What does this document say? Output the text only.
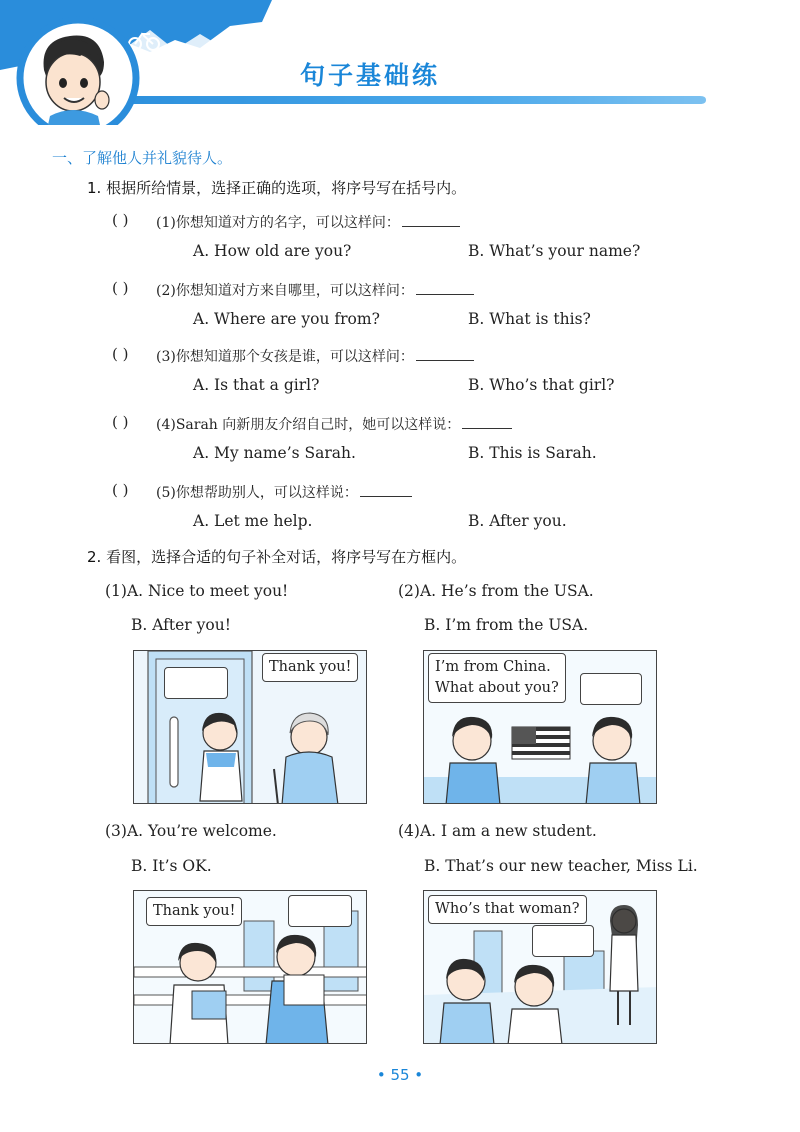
句子基础练
一、了解他人并礼貌待人。
1. 根据所给情景，选择正确的选项，将序号写在括号内。
( ) (1)你想知道对方的名字，可以这样问：
A. How old are you?	B. What’s your name?
( ) (2)你想知道对方来自哪里，可以这样问：
A. Where are you from?	B. What is this?
( ) (3)你想知道那个女孩是谁，可以这样问：
A. Is that a girl?	B. Who’s that girl?
( ) (4)Sarah 向新朋友介绍自己时，她可以这样说：
A. My name’s Sarah.	B. This is Sarah.
( ) (5)你想帮助别人，可以这样说：
A. Let me help.	B. After you.
2. 看图，选择合适的句子补全对话，将序号写在方框内。
(1)A. Nice to meet you!
B. After you!
(2)A. He’s from the USA.
B. I’m from the USA.
Thank you!	I’m from China.
What about you?
(3)A. You’re welcome.
B. It’s OK.
(4)A. I am a new student.
B. That’s our new teacher, Miss Li.
Thank you!	Who’s that woman?
• 55 •
